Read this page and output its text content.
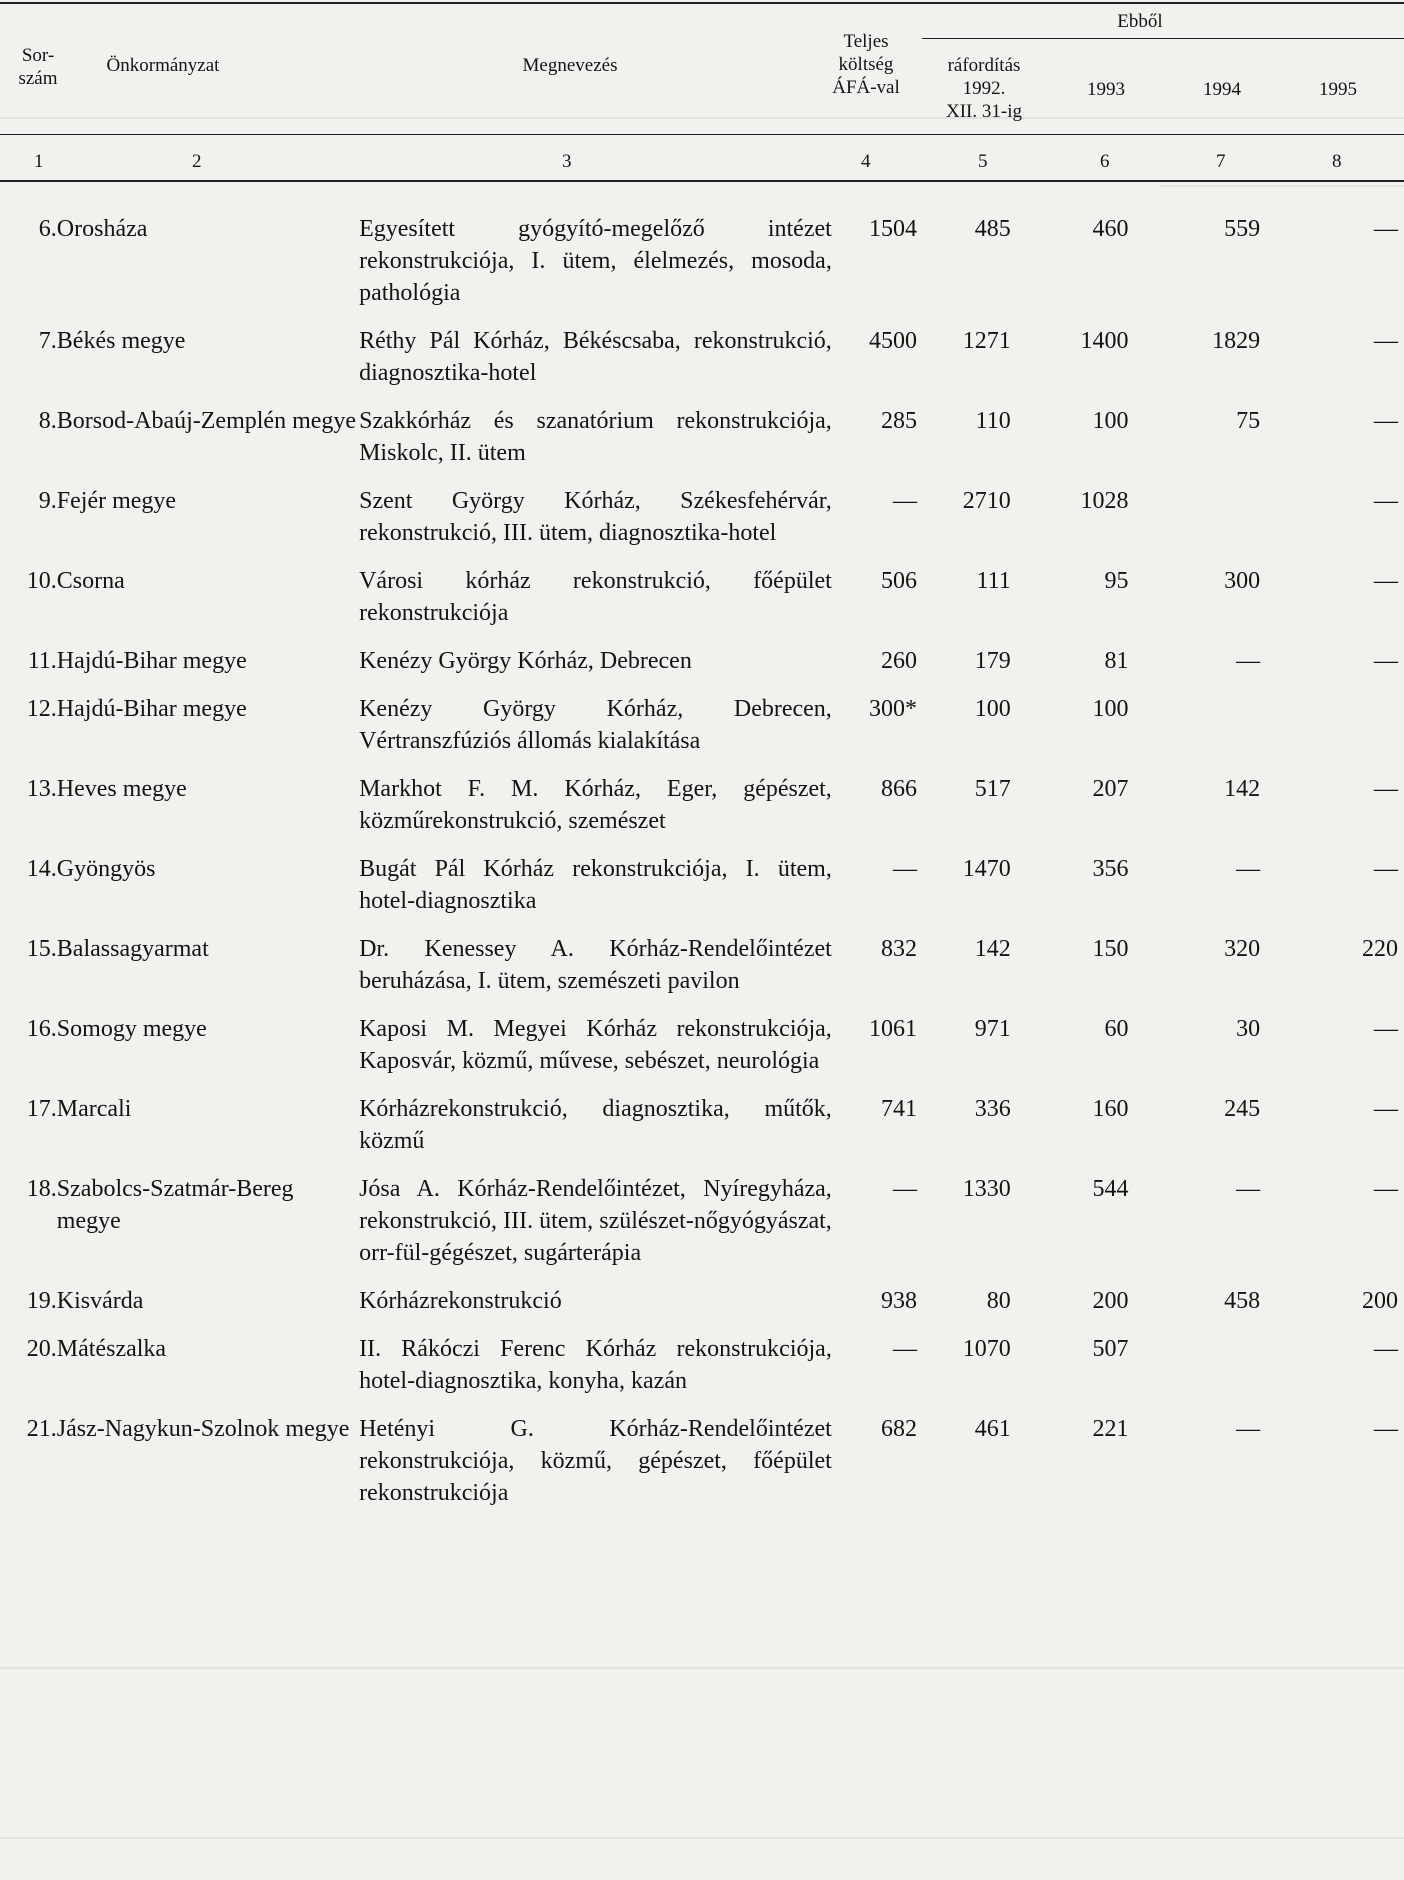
Sor-
szám
Önkormányzat	Megnevezés
Teljes
költség
ÁFÁ-val
Ebből
ráfordítás
1992.
XII. 31-ig
1993	1994	1995
1	2	3	4	5	6	7	8
6.	Orosháza	Egyesített gyógyító-megelőző intézet rekonstrukciója, I. ütem, élelmezés, mosoda, pathológia	1504	485	460	559	—
7.	Békés megye	Réthy Pál Kórház, Békéscsaba, rekonstrukció, diagnosztika-hotel	4500	1271	1400	1829	—
8.	Borsod-Abaúj-Zemplén megye	Szakkórház és szanatórium rekonstrukciója, Miskolc, II. ütem	285	110	100	75	—
9.	Fejér megye	Szent György Kórház, Székesfehérvár, rekonstrukció, III. ütem, diagnosztika-hotel	—	2710	1028		—
10.	Csorna	Városi kórház rekonstrukció, főépület rekonstrukciója	506	111	95	300	—
11.	Hajdú-Bihar megye	Kenézy György Kórház, Debrecen	260	179	81	—	—
12.	Hajdú-Bihar megye	Kenézy György Kórház, Debrecen, Vértranszfúziós állomás kialakítása	300*	100	100		
13.	Heves megye	Markhot F. M. Kórház, Eger, gépészet, közműrekonstrukció, szemészet	866	517	207	142	—
14.	Gyöngyös	Bugát Pál Kórház rekonstrukciója, I. ütem, hotel-diagnosztika	—	1470	356	—	—
15.	Balassagyarmat	Dr. Kenessey A. Kórház-Rendelőintézet beruházása, I. ütem, szemészeti pavilon	832	142	150	320	220
16.	Somogy megye	Kaposi M. Megyei Kórház rekonstrukciója, Kaposvár, közmű, művese, sebészet, neurológia	1061	971	60	30	—
17.	Marcali	Kórházrekonstrukció, diagnosztika, műtők, közmű	741	336	160	245	—
18.	Szabolcs-Szatmár-Bereg megye	Jósa A. Kórház-Rendelőintézet, Nyíregyháza, rekonstrukció, III. ütem, szülészet-nőgyógyászat, orr-fül-gégészet, sugárterápia	—	1330	544	—	—
19.	Kisvárda	Kórházrekonstrukció	938	80	200	458	200
20.	Mátészalka	II. Rákóczi Ferenc Kórház rekonstrukciója, hotel-diagnosztika, konyha, kazán	—	1070	507		—
21.	Jász-Nagykun-Szolnok megye	Hetényi G. Kórház-Rendelőintézet rekonstrukciója, közmű, gépészet, főépület rekonstrukciója	682	461	221	—	—
